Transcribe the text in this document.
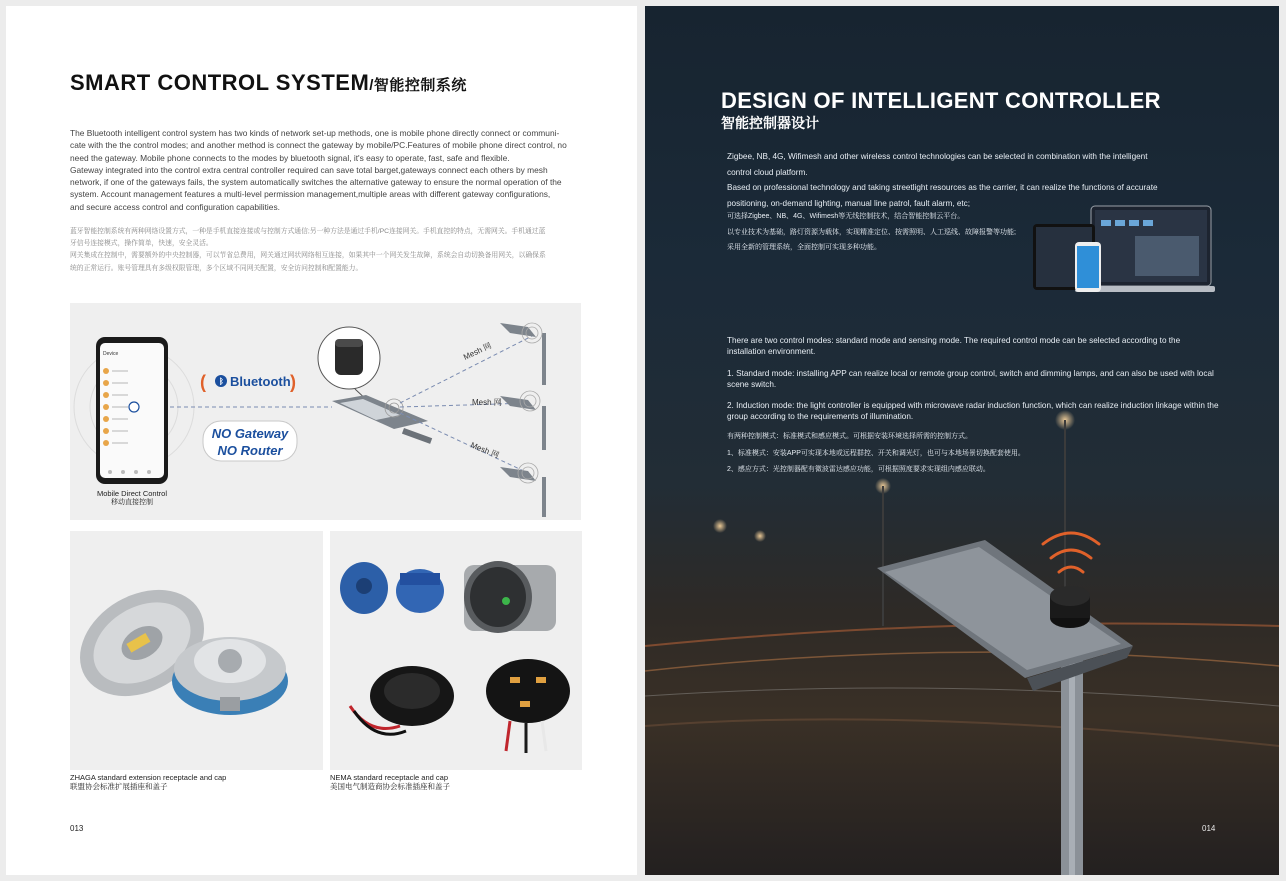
SMART CONTROL SYSTEM/智能控制系统
The Bluetooth intelligent control system has two kinds of network set-up methods, one is mobile phone directly connect or communi-
cate with the the control modes; and another method is connect the gateway by mobile/PC.Features of mobile phone direct control, no
need the gateway. Mobile phone connects to the modes by bluetooth signal, it's easy to operate, fast, safe and flexible.
Gateway integrated into the control extra central controller required can save total barget,gateways connect each others by mesh
network, if one of the gateways fails, the system automatically switches the alternative gateway to ensure the normal operation of the
system. Account management features a multi-level permission management,multiple areas with different gateway configurations,
and secure access control and configuration capabilities.
蓝牙智能控制系统有两种网络设置方式，一种是手机直接连接或与控制方式通信;另一种方法是通过手机/PC连接网关。手机直控的特点，无需网关。手机通过蓝
牙信号连接模式，操作简单，快速，安全灵活。
网关集成在控制中，需要额外的中央控制器，可以节省总费用，网关通过网状网络相互连接，如果其中一个网关发生故障，系统会自动切换备用网关，以确保系
统的正常运行。账号管理具有多级权限管理，多个区域不同网关配置，安全访问控制和配置能力。
Device
(	)
ᛒ Bluetooth
NO Gateway
NO Router
Mesh 网
Mesh 网
Mesh 网
Mobile Direct Control
移动直接控制
ZHAGA standard extension receptacle and cap
联盟协会标准扩展插座和盖子
NEMA standard receptacle and cap
美国电气制造商协会标准插座和盖子
013
DESIGN OF INTELLIGENT CONTROLLER
智能控制器设计
Zigbee, NB, 4G, Wifimesh and other wireless control technologies can be selected in combination with the intelligent
control cloud platform.
Based on professional technology and taking streetlight resources as the carrier, it can realize the functions of accurate
positioning, on-demand lighting, manual line patrol, fault alarm, etc;
可选择Zigbee、NB、4G、Wifimesh等无线控制技术，结合智能控制云平台。
以专业技术为基础，路灯资源为载体，实现精准定位、按需照明、人工巡线、故障报警等功能;
采用全新的管理系统，全面控制可实现多种功能。
There are two control modes: standard mode and sensing mode. The required control mode can be selected according to the installation environment.
1. Standard mode: installing APP can realize local or remote group control, switch and dimming lamps, and can also be used with local scene switch.
2. Induction mode: the light controller is equipped with microwave radar induction function, which can realize induction linkage within the group according to the requirements of illumination.
有两种控制模式：标准模式和感应模式。可根据安装环境选择所需的控制方式。
1、标准模式：安装APP可实现本地或远程群控、开关和调光灯，也可与本地场景切换配套使用。
2、感应方式：光控制器配有微波雷达感应功能，可根据照度要求实现组内感应联动。
014
